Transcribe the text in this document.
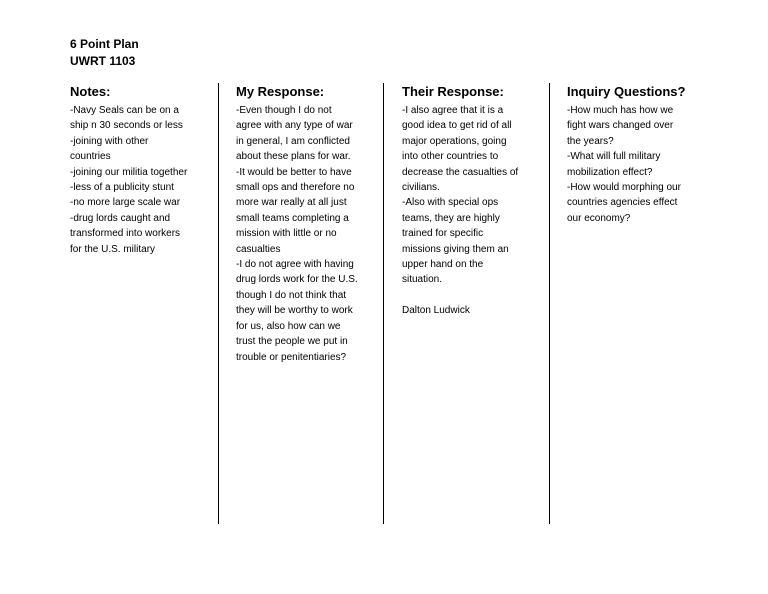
6 Point Plan
UWRT 1103
Notes:
-Navy Seals can be on a
ship n 30 seconds or less
-joining with other
countries
-joining our militia together
-less of a publicity stunt
-no more large scale war
-drug lords caught and
transformed into workers
for the U.S. military
My Response:
-Even though I do not
agree with any type of war
in general, I am conflicted
about these plans for war.
-It would be better to have
small ops and therefore no
more war really at all just
small teams completing a
mission with little or no
casualties
-I do not agree with having
drug lords work for the U.S.
though I do not think that
they will be worthy to work
for us, also how can we
trust the people we put in
trouble or penitentiaries?
Their Response:
-I also agree that it is a
good idea to get rid of all
major operations, going
into other countries to
decrease the casualties of
civilians.
-Also with special ops
teams, they are highly
trained for specific
missions giving them an
upper hand on the
situation.
Dalton Ludwick
Inquiry Questions?
-How much has how we
fight wars changed over
the years?
-What will full military
mobilization effect?
-How would morphing our
countries agencies effect
our economy?
